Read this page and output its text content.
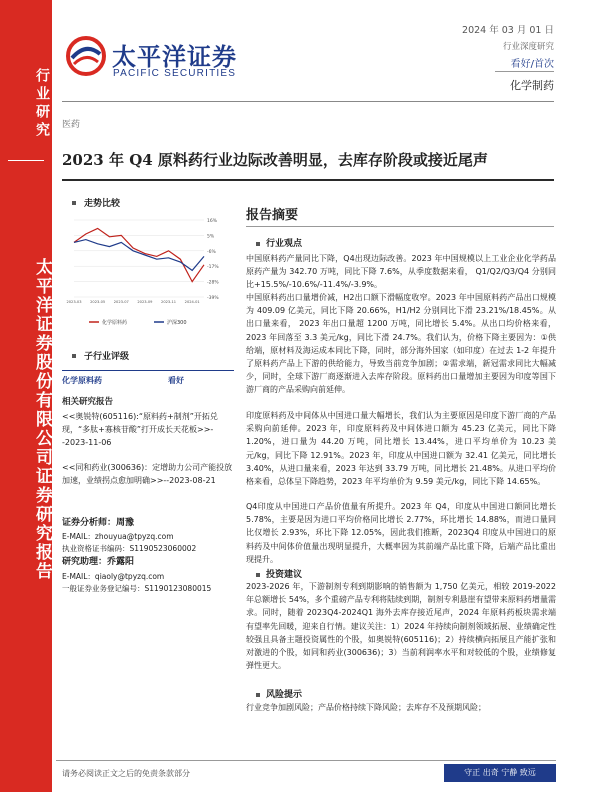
行业研究
太平洋证券股份有限公司证券研究报告
太平洋证券
PACIFIC SECURITIES
2024 年 03 月 01 日
行业深度研究
看好/首次
化学制药
医药
2023 年 Q4 原料药行业边际改善明显，去库存阶段或接近尾声
走势比较
16%
5%
-6%
-17%
-28%
-39%
2023-03 2023-05 2023-07 2023-09 2023-11 2024-01
化学原料药	沪深300
子行业评级
化学原料药	看好
相关研究报告
<<奥锐特(605116):“原料药+制剂”开拓兑现，“多肽+寡核苷酸”打开成长天花板>>--2023-11-06
<<同和药业(300636)：定增助力公司产能投放加速，业绩拐点愈加明确>>--2023-08-21
证券分析师：周豫
E-MAIL：zhouyua@tpyzq.com
执业资格证书编码：S1190523060002
研究助理：乔露阳
E-MAIL：qiaoly@tpyzq.com
一般证券业务登记编号：S1190123080015
报告摘要
行业观点
中国原料药产量同比下降，Q4出现边际改善。2023 年中国规模以上工业企业化学药品原药产量为 342.70 万吨，同比下降 7.6%，从季度数据来看， Q1/Q2/Q3/Q4 分别同比+15.5%/-10.6%/-11.4%/-3.9%。
中国原料药出口量增价减，H2出口额下滑幅度收窄。2023 年中国原料药产品出口规模为 409.09 亿美元，同比下降 20.66%，H1/H2 分别同比下滑 23.21%/18.45%。从出口量来看， 2023 年出口量超 1200 万吨，同比增长 5.4%。从出口均价格来看，2023 年回落至 3.3 美元/kg，同比下滑 24.7%。我们认为，价格下降主要因为：①供给端，原材料及海运成本同比下降，同时，部分海外国家（如印度）在过去 1-2 年提升了原料药产品上下游的供给能力，导致当前竞争加剧；②需求端，新冠需求同比大幅减少，同时，全球下游厂商逐渐进入去库存阶段。原料药出口量增加主要因为印度等国下游厂商的产品采购向前延伸。
印度原料药及中间体从中国进口量大幅增长，我们认为主要原因是印度下游厂商的产品采购向前延伸。2023 年，印度原料药及中间体进口额为 45.23 亿美元，同比下降 1.20%，进口量为 44.20 万吨，同比增长 13.44%，进口平均单价为 10.23 美元/kg，同比下降 12.91%。2023 年，印度从中国进口额为 32.41 亿美元，同比增长 3.40%，从进口量来看，2023 年达到 33.79 万吨，同比增长 21.48%。从进口平均价格来看，总体呈下降趋势，2023 年平均单价为 9.59 美元/kg，同比下降 14.65%。
Q4印度从中国进口产品价值量有所提升。2023 年 Q4，印度从中国进口额同比增长 5.78%，主要是因为进口平均价格同比增长 2.77%，环比增长 14.88%，而进口量同比仅增长 2.93%，环比下降 12.05%，因此我们推断，2023Q4 印度从中国进口的原料药及中间体价值量出现明显提升，大概率因为其前端产品比重下降，后端产品比重出现提升。
投资建议
2023-2026 年，下游制剂专利到期影响的销售额为 1,750 亿美元，相较 2019-2022 年总额增长 54%，多个重磅产品专利将陆续到期，制剂专利悬崖有望带来原料药增量需求。同时，随着 2023Q4-2024Q1 海外去库存接近尾声，2024 年原料药板块需求端有望率先回暖，迎来自行情。建议关注：1）2024 年持续向制剂领域拓展、业绩确定性较强且具备主题投资属性的个股，如奥锐特(605116)；2）持续横向拓展且产能扩张和对激进的个股，如同和药业(300636)；3）当前利润率水平和对较低的个股，业绩修复弹性更大。
风险提示
行业竞争加剧风险；产品价格持续下降风险；去库存不及预期风险；
请务必阅读正文之后的免责条款部分	守正 出奇 宁静 致远
